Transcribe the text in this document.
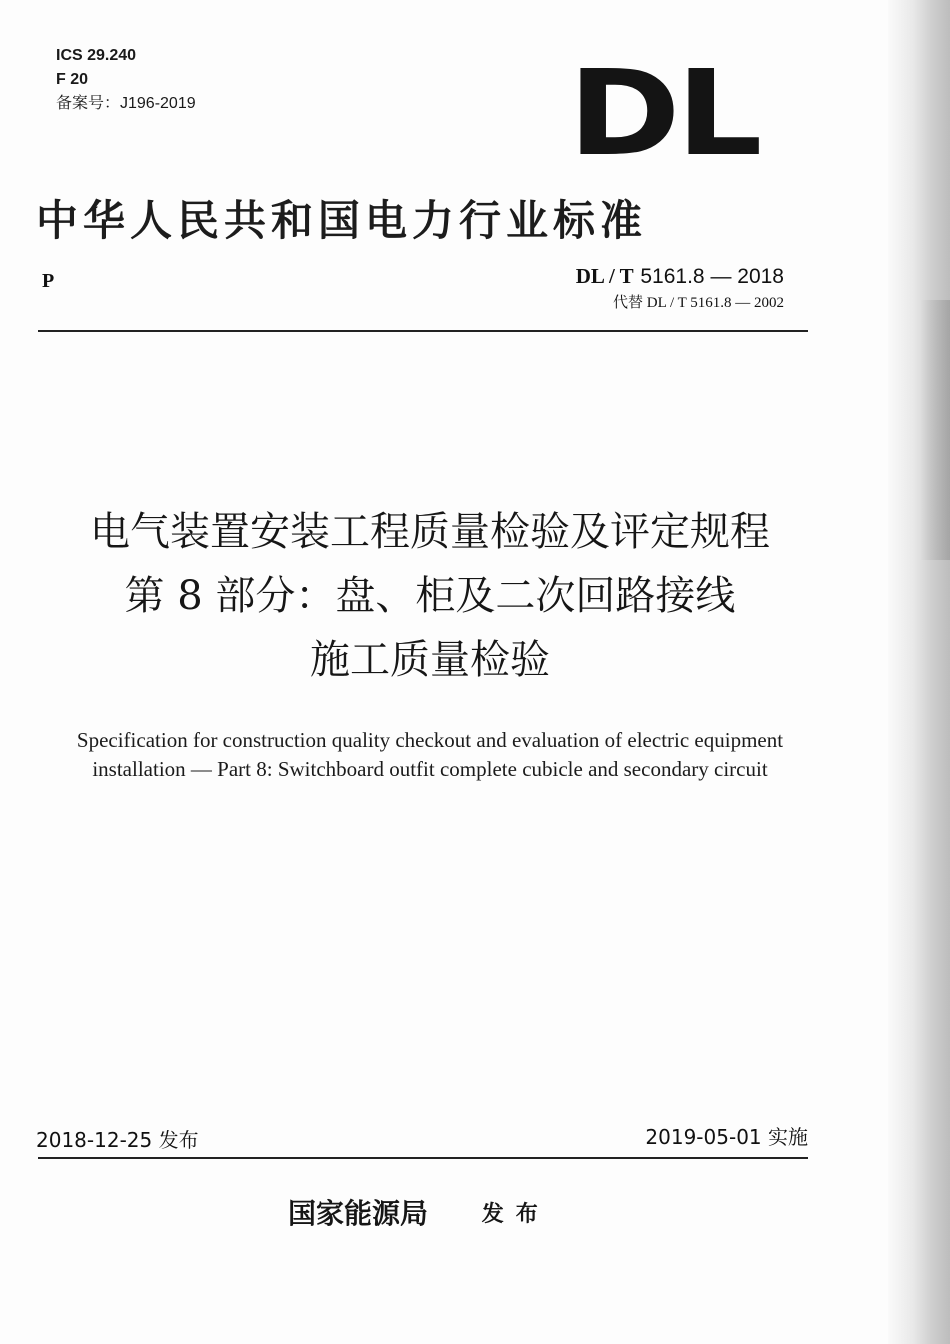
ICS 29.240
F 20
备案号：J196-2019	DL
中华人民共和国电力行业标准
P	DL / T 5161.8 — 2018
代替 DL / T 5161.8 — 2002
电气装置安装工程质量检验及评定规程
第 8 部分：盘、柜及二次回路接线
施工质量检验
Specification for construction quality checkout and evaluation of electric equipment
installation — Part 8: Switchboard outfit complete cubicle and secondary circuit
2018-12-25 发布	2019-05-01 实施
国家能源局 发布
